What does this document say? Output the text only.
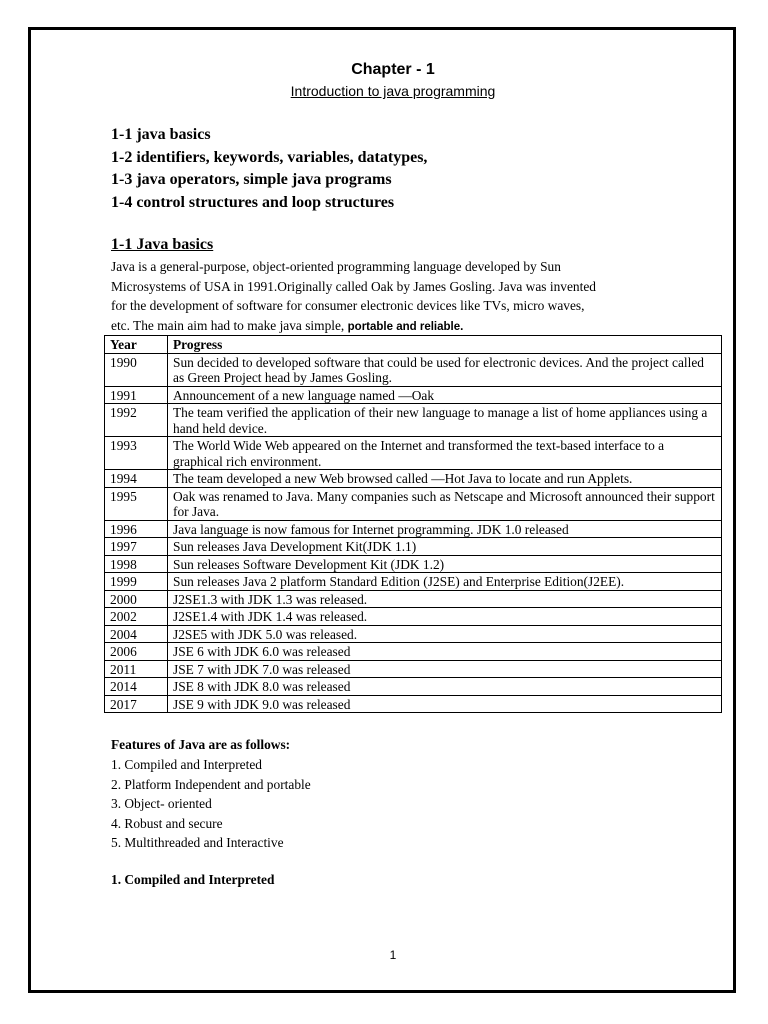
Chapter - 1
Introduction to java programming
1-1 java basics
1-2 identifiers, keywords, variables, datatypes,
1-3 java operators, simple java programs
1-4 control structures and loop structures
1-1 Java basics
Java is a general-purpose, object-oriented programming language developed by Sun
Microsystems of USA in 1991.Originally called Oak by James Gosling. Java was invented
for the development of software for consumer electronic devices like TVs, micro waves,
etc. The main aim had to make java simple, portable and reliable.
Year	Progress
1990	Sun decided to developed software that could be used for electronic devices. And the project called as Green Project head by James Gosling.
1991	Announcement of a new language named —Oak
1992	The team verified the application of their new language to manage a list of home appliances using a hand held device.
1993	The World Wide Web appeared on the Internet and transformed the text-based interface to a graphical rich environment.
1994	The team developed a new Web browsed called —Hot Java to locate and run Applets.
1995	Oak was renamed to Java. Many companies such as Netscape and Microsoft announced their support for Java.
1996	Java language is now famous for Internet programming. JDK 1.0 released
1997	Sun releases Java Development Kit(JDK 1.1)
1998	Sun releases Software Development Kit (JDK 1.2)
1999	Sun releases Java 2 platform Standard Edition (J2SE) and Enterprise Edition(J2EE).
2000	J2SE1.3 with JDK 1.3 was released.
2002	J2SE1.4 with JDK 1.4 was released.
2004	J2SE5 with JDK 5.0 was released.
2006	JSE 6 with JDK 6.0 was released
2011	JSE 7 with JDK 7.0 was released
2014	JSE 8 with JDK 8.0 was released
2017	JSE 9 with JDK 9.0 was released
Features of Java are as follows:
1. Compiled and Interpreted
2. Platform Independent and portable
3. Object- oriented
4. Robust and secure
5. Multithreaded and Interactive
1. Compiled and Interpreted
1
